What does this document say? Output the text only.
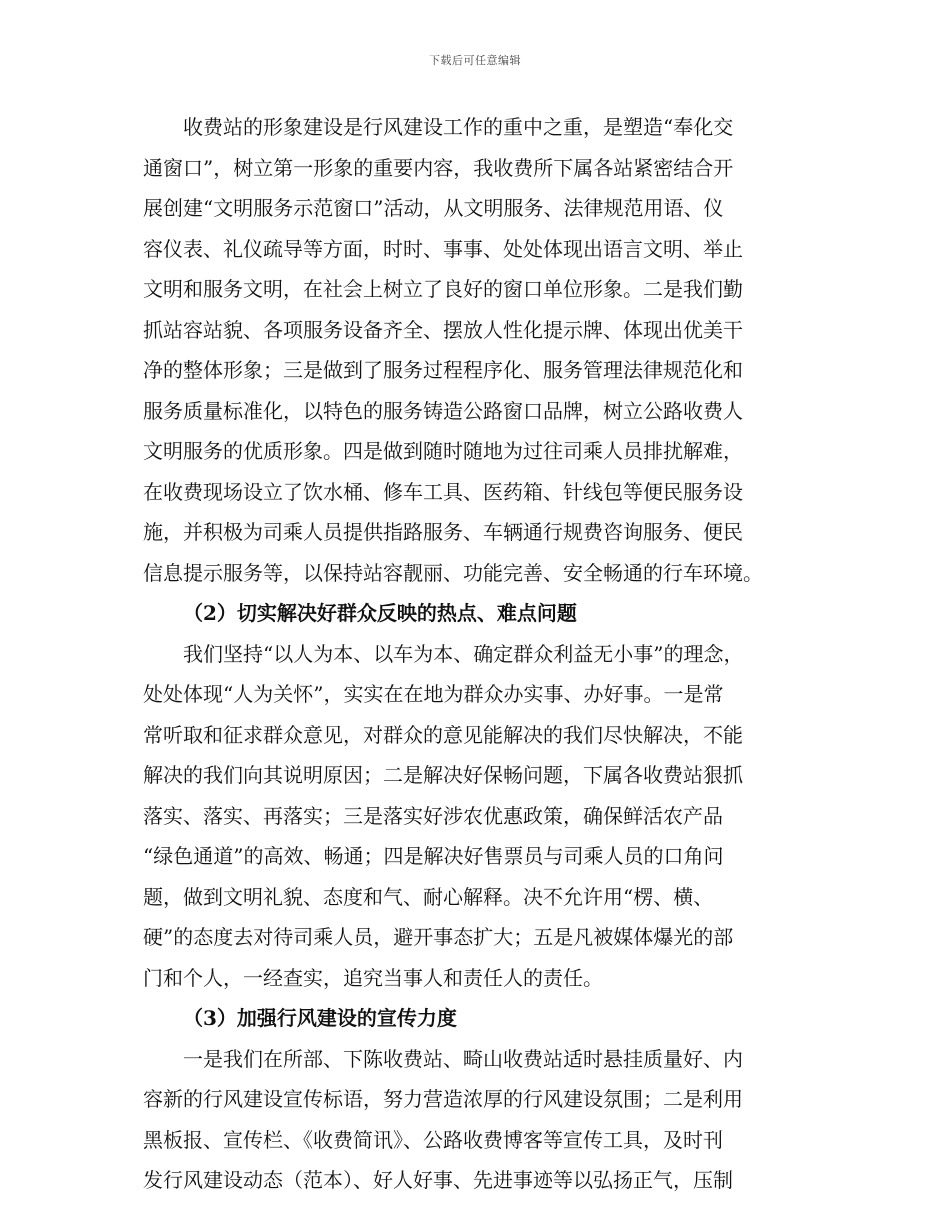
下载后可任意编辑
收费站的形象建设是行风建设工作的重中之重，是塑造“奉化交
通窗口”，树立第一形象的重要内容，我收费所下属各站紧密结合开
展创建“文明服务示范窗口”活动，从文明服务、法律规范用语、仪
容仪表、礼仪疏导等方面，时时、事事、处处体现出语言文明、举止
文明和服务文明，在社会上树立了良好的窗口单位形象。二是我们勤
抓站容站貌、各项服务设备齐全、摆放人性化提示牌、体现出优美干
净的整体形象；三是做到了服务过程程序化、服务管理法律规范化和
服务质量标准化，以特色的服务铸造公路窗口品牌，树立公路收费人
文明服务的优质形象。四是做到随时随地为过往司乘人员排扰解难，
在收费现场设立了饮水桶、修车工具、医药箱、针线包等便民服务设
施，并积极为司乘人员提供指路服务、车辆通行规费咨询服务、便民
信息提示服务等，以保持站容靓丽、功能完善、安全畅通的行车环境。
（2）切实解决好群众反映的热点、难点问题
我们坚持“以人为本、以车为本、确定群众利益无小事”的理念，
处处体现“人为关怀”，实实在在地为群众办实事、办好事。一是常
常听取和征求群众意见，对群众的意见能解决的我们尽快解决，不能
解决的我们向其说明原因；二是解决好保畅问题，下属各收费站狠抓
落实、落实、再落实；三是落实好涉农优惠政策，确保鲜活农产品
“绿色通道”的高效、畅通；四是解决好售票员与司乘人员的口角问
题，做到文明礼貌、态度和气、耐心解释。决不允许用“楞、横、
硬”的态度去对待司乘人员，避开事态扩大；五是凡被媒体爆光的部
门和个人，一经查实，追究当事人和责任人的责任。
（3）加强行风建设的宣传力度
一是我们在所部、下陈收费站、畸山收费站适时悬挂质量好、内
容新的行风建设宣传标语，努力营造浓厚的行风建设氛围；二是利用
黑板报、宣传栏、《收费简讯》、公路收费博客等宣传工具，及时刊
发行风建设动态（范本）、好人好事、先进事迹等以弘扬正气，压制
